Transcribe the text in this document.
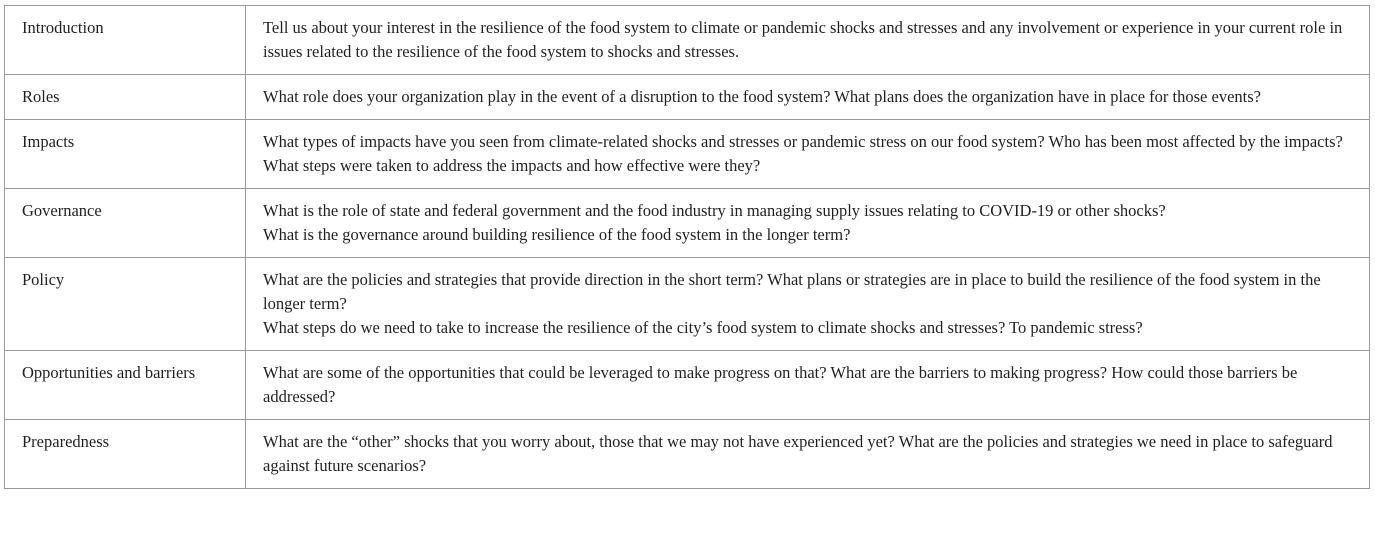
Introduction	Tell us about your interest in the resilience of the food system to climate or pandemic shocks and stresses and any involvement or experience in your current role in issues related to the resilience of the food system to shocks and stresses.

Roles	What role does your organization play in the event of a disruption to the food system? What plans does the organization have in place for those events?

Impacts	What types of impacts have you seen from climate-related shocks and stresses or pandemic stress on our food system? Who has been most affected by the impacts?
What steps were taken to address the impacts and how effective were they?

Governance	What is the role of state and federal government and the food industry in managing supply issues relating to COVID-19 or other shocks?
What is the governance around building resilience of the food system in the longer term?

Policy	What are the policies and strategies that provide direction in the short term? What plans or strategies are in place to build the resilience of the food system in the longer term?
What steps do we need to take to increase the resilience of the city’s food system to climate shocks and stresses? To pandemic stress?

Opportunities and barriers	What are some of the opportunities that could be leveraged to make progress on that? What are the barriers to making progress? How could those barriers be addressed?

Preparedness	What are the “other” shocks that you worry about, those that we may not have experienced yet? What are the policies and strategies we need in place to safeguard against future scenarios?
